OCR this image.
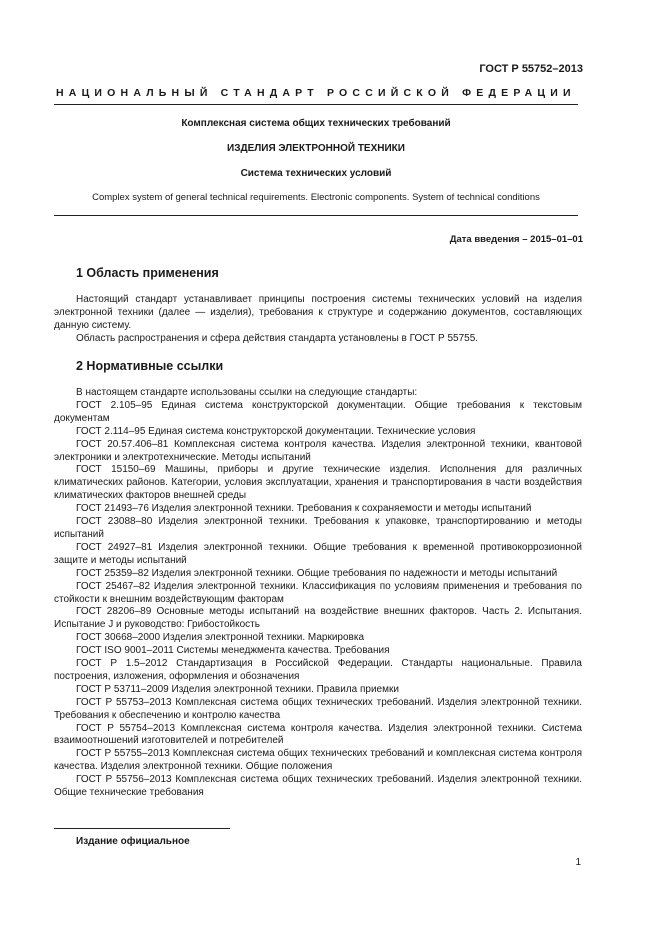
ГОСТ Р 55752–2013
НАЦИОНАЛЬНЫЙ СТАНДАРТ РОССИЙСКОЙ ФЕДЕРАЦИИ
Комплексная система общих технических требований
ИЗДЕЛИЯ ЭЛЕКТРОННОЙ ТЕХНИКИ
Система технических условий
Complex system of general technical requirements. Electronic components. System of technical conditions
Дата введения – 2015–01–01
1 Область применения

Настоящий стандарт устанавливает принципы построения системы технических условий на изделия электронной техники (далее — изделия), требования к структуре и содержанию документов, составляющих данную систему.

Область распространения и сфера действия стандарта установлены в ГОСТ Р 55755.

2 Нормативные ссылки

В настоящем стандарте использованы ссылки на следующие стандарты:

ГОСТ 2.105–95 Единая система конструкторской документации. Общие требования к текстовым документам

ГОСТ 2.114–95 Единая система конструкторской документации. Технические условия

ГОСТ 20.57.406–81 Комплексная система контроля качества. Изделия электронной техники, квантовой электроники и электротехнические. Методы испытаний

ГОСТ 15150–69 Машины, приборы и другие технические изделия. Исполнения для различных климатических районов. Категории, условия эксплуатации, хранения и транспортирования в части воздействия климатических факторов внешней среды

ГОСТ 21493–76 Изделия электронной техники. Требования к сохраняемости и методы испытаний

ГОСТ 23088–80 Изделия электронной техники. Требования к упаковке, транспортированию и методы испытаний

ГОСТ 24927–81 Изделия электронной техники. Общие требования к временной противокоррозионной защите и методы испытаний

ГОСТ 25359–82 Изделия электронной техники. Общие требования по надежности и методы испытаний

ГОСТ 25467–82 Изделия электронной техники. Классификация по условиям применения и требования по стойкости к внешним воздействующим факторам

ГОСТ 28206–89 Основные методы испытаний на воздействие внешних факторов. Часть 2. Испытания. Испытание J и руководство: Грибостойкость

ГОСТ 30668–2000 Изделия электронной техники. Маркировка

ГОСТ ISO 9001–2011 Системы менеджмента качества. Требования

ГОСТ Р 1.5–2012 Стандартизация в Российской Федерации. Стандарты национальные. Правила построения, изложения, оформления и обозначения

ГОСТ Р 53711–2009 Изделия электронной техники. Правила приемки

ГОСТ Р 55753–2013 Комплексная система общих технических требований. Изделия электронной техники. Требования к обеспечению и контролю качества

ГОСТ Р 55754–2013 Комплексная система контроля качества. Изделия электронной техники. Система взаимоотношений изготовителей и потребителей

ГОСТ Р 55755–2013 Комплексная система общих технических требований и комплексная система контроля качества. Изделия электронной техники. Общие положения

ГОСТ Р 55756–2013 Комплексная система общих технических требований. Изделия электронной техники. Общие технические требования

Издание официальное
1
